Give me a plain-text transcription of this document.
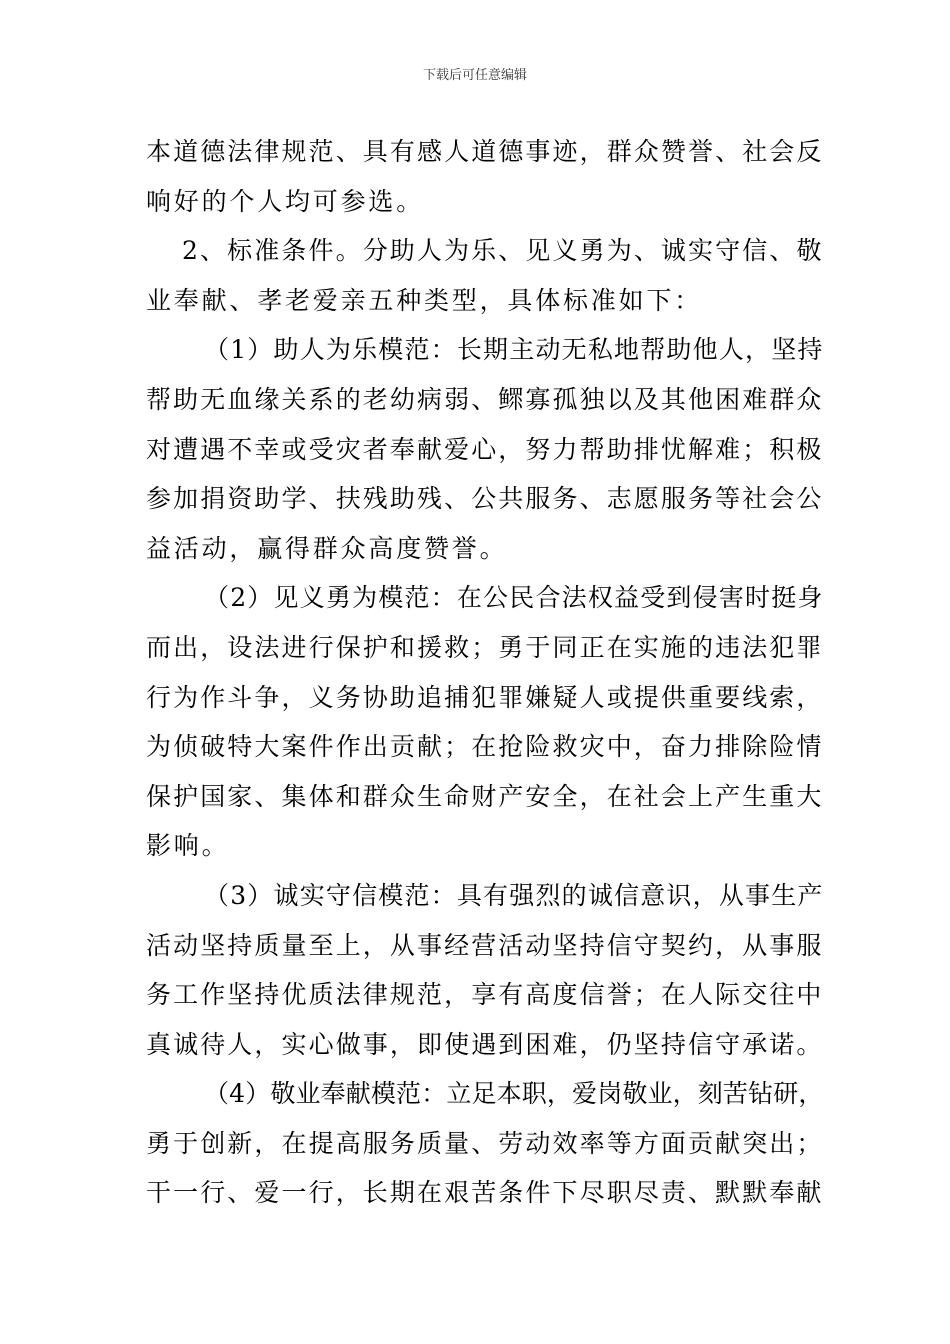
下载后可任意编辑
本道德法律规范、具有感人道德事迹，群众赞誉、社会反
响好的个人均可参选。
2、标准条件。分助人为乐、见义勇为、诚实守信、敬
业奉献、孝老爱亲五种类型，具体标准如下：
（1）助人为乐模范：长期主动无私地帮助他人，坚持
帮助无血缘关系的老幼病弱、鳏寡孤独以及其他困难群众
对遭遇不幸或受灾者奉献爱心，努力帮助排忧解难；积极
参加捐资助学、扶残助残、公共服务、志愿服务等社会公
益活动，赢得群众高度赞誉。
（2）见义勇为模范：在公民合法权益受到侵害时挺身
而出，设法进行保护和援救；勇于同正在实施的违法犯罪
行为作斗争，义务协助追捕犯罪嫌疑人或提供重要线索，
为侦破特大案件作出贡献；在抢险救灾中，奋力排除险情
保护国家、集体和群众生命财产安全，在社会上产生重大
影响。
（3）诚实守信模范：具有强烈的诚信意识，从事生产
活动坚持质量至上，从事经营活动坚持信守契约，从事服
务工作坚持优质法律规范，享有高度信誉；在人际交往中
真诚待人，实心做事，即使遇到困难，仍坚持信守承诺。
（4）敬业奉献模范：立足本职，爱岗敬业，刻苦钻研，
勇于创新，在提高服务质量、劳动效率等方面贡献突出；
干一行、爱一行，长期在艰苦条件下尽职尽责、默默奉献
